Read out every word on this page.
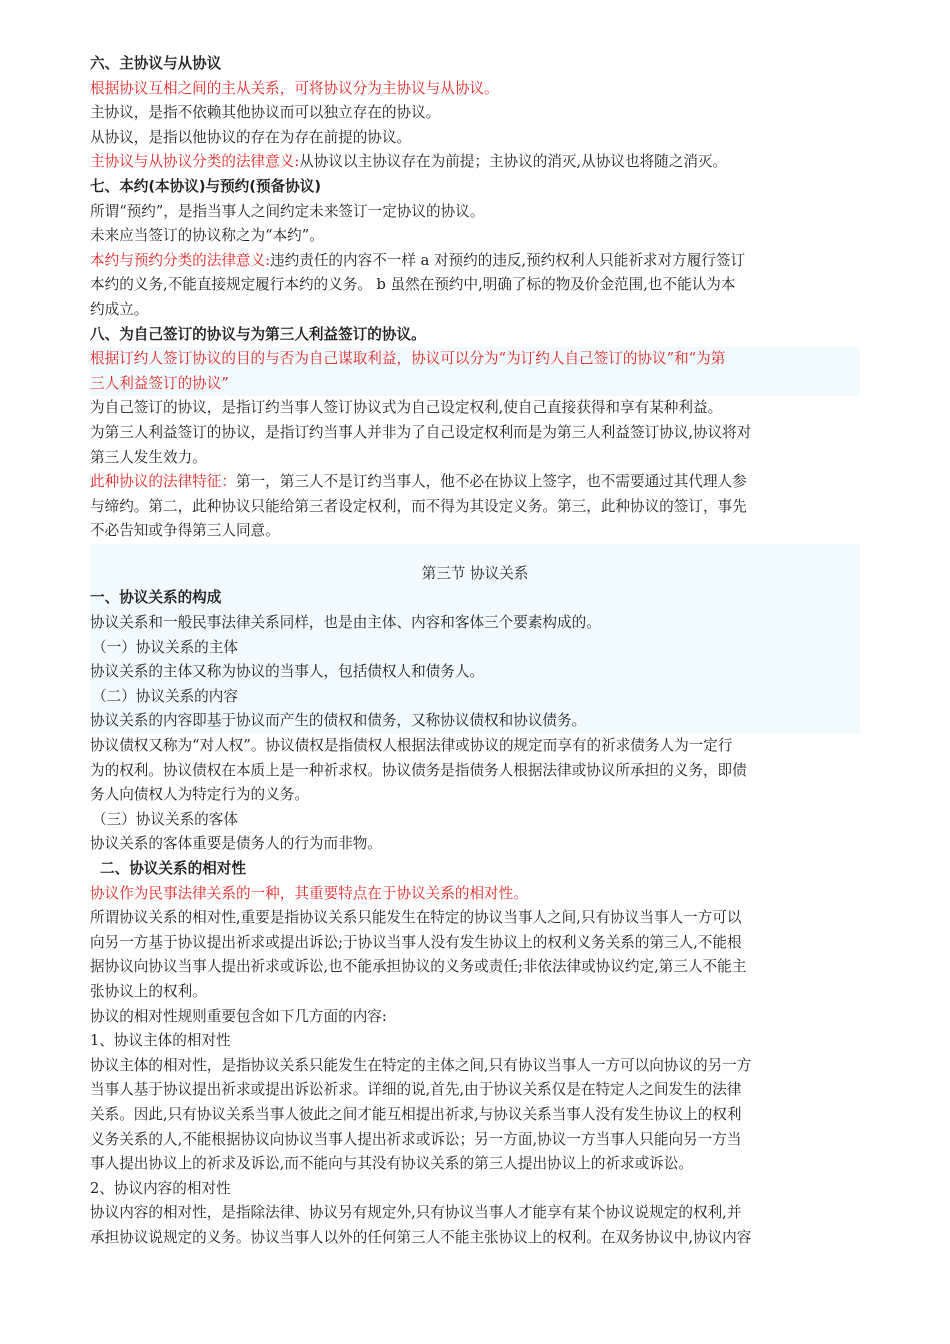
六、主协议与从协议

根据协议互相之间的主从关系，可将协议分为主协议与从协议。

主协议，是指不依赖其他协议而可以独立存在的协议。

从协议，是指以他协议的存在为存在前提的协议。

主协议与从协议分类的法律意义:从协议以主协议存在为前提；主协议的消灭,从协议也将随之消灭。

七、本约(本协议)与预约(预备协议)

所谓“预约”，是指当事人之间约定未来签订一定协议的协议。

未来应当签订的协议称之为“本约”。

本约与预约分类的法律意义:违约责任的内容不一样 a 对预约的违反,预约权利人只能祈求对方履行签订

本约的义务,不能直接规定履行本约的义务。 b 虽然在预约中,明确了标的物及价金范围,也不能认为本

约成立。

八、为自己签订的协议与为第三人利益签订的协议。

根据订约人签订协议的目的与否为自己谋取利益，协议可以分为“为订约人自己签订的协议”和“为第

三人利益签订的协议”

为自己签订的协议，是指订约当事人签订协议式为自己设定权利,使自己直接获得和享有某种利益。

为第三人利益签订的协议，是指订约当事人并非为了自己设定权利而是为第三人利益签订协议,协议将对

第三人发生效力。

此种协议的法律特征：第一，第三人不是订约当事人，他不必在协议上签字，也不需要通过其代理人参

与缔约。第二，此种协议只能给第三者设定权利，而不得为其设定义务。第三，此种协议的签订，事先

不必告知或争得第三人同意。

第三节 协议关系

一、协议关系的构成

协议关系和一般民事法律关系同样，也是由主体、内容和客体三个要素构成的。

（一）协议关系的主体

协议关系的主体又称为协议的当事人，包括债权人和债务人。

（二）协议关系的内容

协议关系的内容即基于协议而产生的债权和债务，又称协议债权和协议债务。

协议债权又称为“对人权”。协议债权是指债权人根据法律或协议的规定而享有的祈求债务人为一定行

为的权利。协议债权在本质上是一种祈求权。协议债务是指债务人根据法律或协议所承担的义务，即债

务人向债权人为特定行为的义务。

（三）协议关系的客体

协议关系的客体重要是债务人的行为而非物。

二、协议关系的相对性

协议作为民事法律关系的一种，其重要特点在于协议关系的相对性。

所谓协议关系的相对性,重要是指协议关系只能发生在特定的协议当事人之间,只有协议当事人一方可以

向另一方基于协议提出祈求或提出诉讼;于协议当事人没有发生协议上的权利义务关系的第三人,不能根

据协议向协议当事人提出祈求或诉讼,也不能承担协议的义务或责任;非依法律或协议约定,第三人不能主

张协议上的权利。

协议的相对性规则重要包含如下几方面的内容:

1、协议主体的相对性

协议主体的相对性，是指协议关系只能发生在特定的主体之间,只有协议当事人一方可以向协议的另一方

当事人基于协议提出祈求或提出诉讼祈求。详细的说,首先,由于协议关系仅是在特定人之间发生的法律

关系。因此,只有协议关系当事人彼此之间才能互相提出祈求,与协议关系当事人没有发生协议上的权利

义务关系的人,不能根据协议向协议当事人提出祈求或诉讼；另一方面,协议一方当事人只能向另一方当

事人提出协议上的祈求及诉讼,而不能向与其没有协议关系的第三人提出协议上的祈求或诉讼。

2、协议内容的相对性

协议内容的相对性，是指除法律、协议另有规定外,只有协议当事人才能享有某个协议说规定的权利,并

承担协议说规定的义务。协议当事人以外的任何第三人不能主张协议上的权利。在双务协议中,协议内容
